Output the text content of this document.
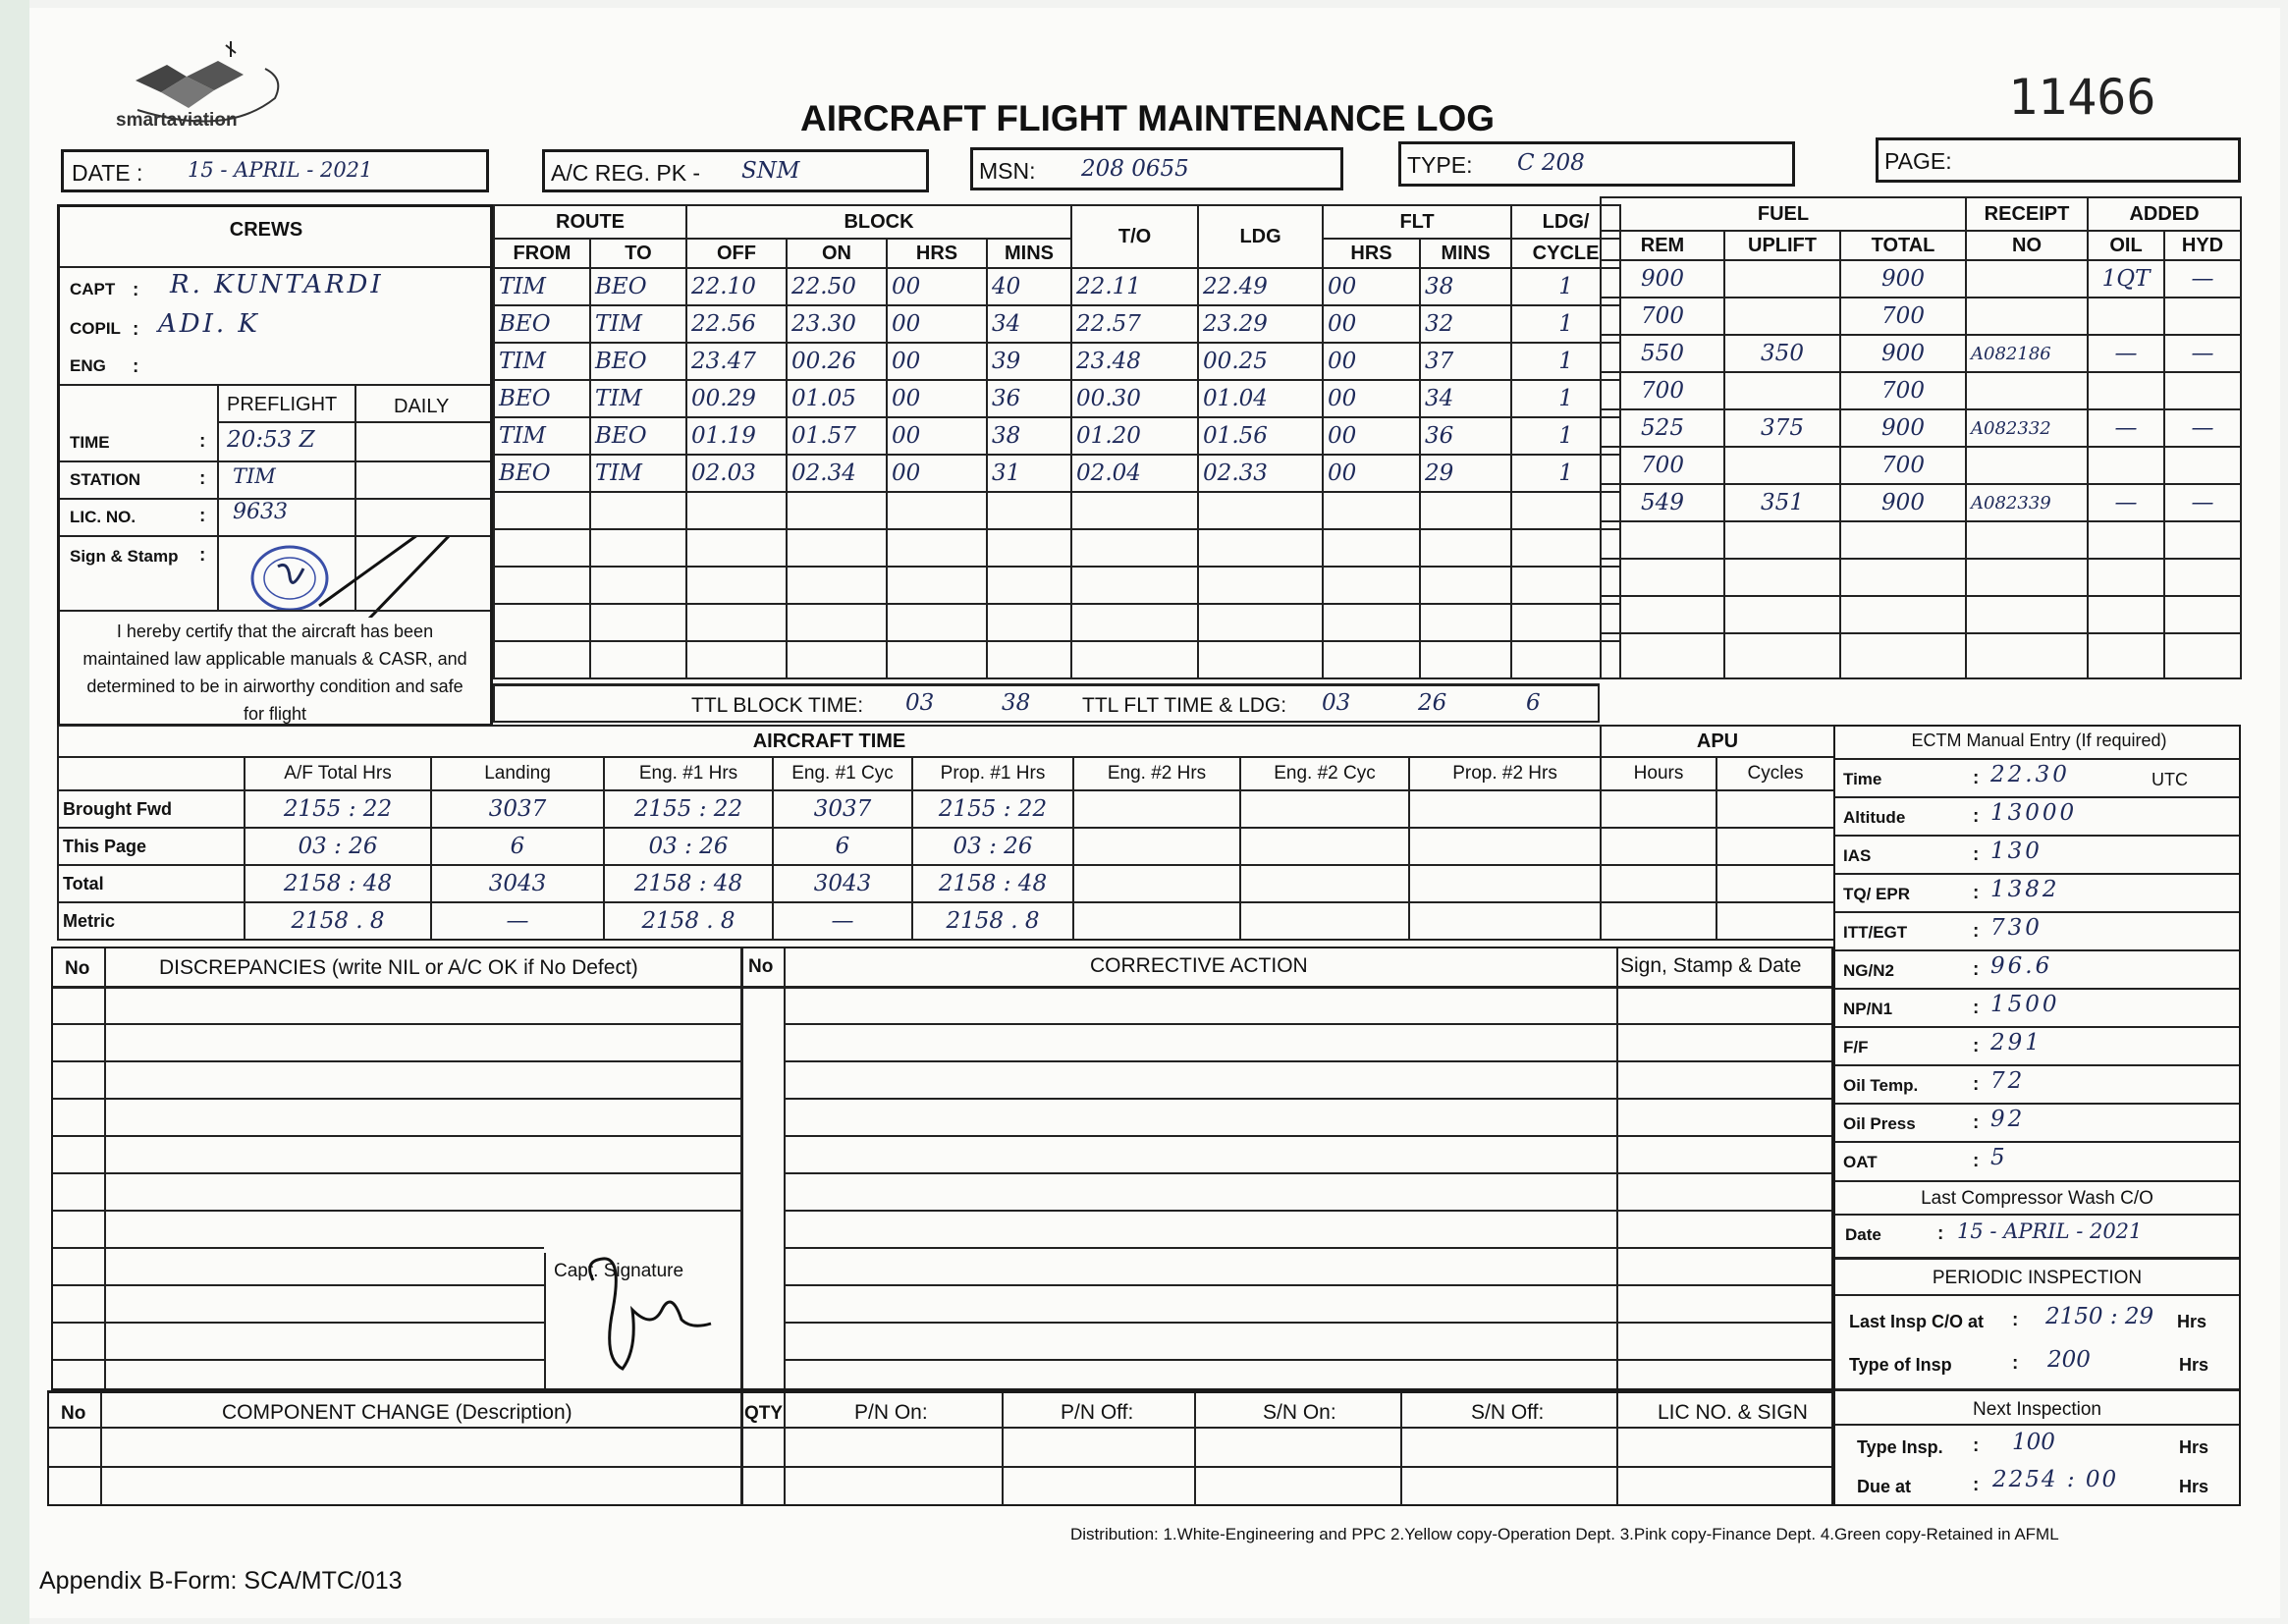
smartaviation	AIRCRAFT FLIGHT MAINTENANCE LOG	11466
DATE : 15 - APRIL - 2021	A/C REG. PK - SNM	MSN: 208 0655	TYPE: C 208	PAGE:
CREWS
CAPT : R. KUNTARDI
COPIL : ADI. K
ENG :
PREFLIGHT	DAILY
TIME	: 20:53 Z
STATION	: TIM
LIC. NO.	: 9633
Sign & Stamp :
I hereby certify that the aircraft has been
maintained law applicable manuals & CASR, and
determined to be in airworthy condition and safe
for flight
ROUTE		BLOCK				T/O	LDG	FLT		LDG/
FROM	TO	OFF	ON	HRS	MINS			HRS	MINS	CYCLE
TIM	BEO	22.10	22.50	00	40	22.11	22.49	00	38	1
BEO	TIM	22.56	23.30	00	34	22.57	23.29	00	32	1
TIM	BEO	23.47	00.26	00	39	23.48	00.25	00	37	1
BEO	TIM	00.29	01.05	00	36	00.30	01.04	00	34	1
TIM	BEO	01.19	01.57	00	38	01.20	01.56	00	36	1
BEO	TIM	02.03	02.34	00	31	02.04	02.33	00	29	1

FUEL			RECEIPT	ADDED	
REM	UPLIFT	TOTAL	NO	OIL	HYD
900		900		1QT	—
700		700			
550	350	900	A082186	—	—
700		700			
525	375	900	A082332	—	—
700		700			
549	351	900	A082339	—	—

TTL BLOCK TIME: 03	38	TTL FLT TIME & LDG: 03	26	6
AIRCRAFT TIME								
	A/F Total Hrs	Landing	Eng. #1 Hrs	Eng. #1 Cyc	Prop. #1 Hrs	Eng. #2 Hrs	Eng. #2 Cyc	Prop. #2 Hrs
Brought Fwd	2155 : 22	3037	2155 : 22	3037	2155 : 22			
This Page	03 : 26	6	03 : 26	6	03 : 26			
Total	2158 : 48	3043	2158 : 48	3043	2158 : 48			
Metric	2158 . 8	—	2158 . 8	—	2158 . 8			
APU	
Hours	Cycles

ECTM Manual Entry (If required)
Time	: 22.30	UTC
Altitude	: 13000
IAS	: 130
TQ/ EPR	: 1382
ITT/EGT	: 730
NG/N2	: 96.6
NP/N1	: 1500
F/F	: 291
Oil Temp.	: 72
Oil Press	: 92
OAT	: 5
Last Compressor Wash C/O
Date	: 15 - APRIL - 2021
PERIODIC INSPECTION
Last Insp C/O at : 2150 : 29 Hrs
Type of Insp	: 200	Hrs
Next Inspection
Type Insp. : 100	Hrs
Due at	: 2254 : 00	Hrs
No	DISCREPANCIES (write NIL or A/C OK if No Defect)	No	CORRECTIVE ACTION	Sign, Stamp & Date
Capt. Signature
No	COMPONENT CHANGE (Description)	QTY	P/N On:	P/N Off:	S/N On:	S/N Off:	LIC NO. & SIGN
Distribution: 1.White-Engineering and PPC 2.Yellow copy-Operation Dept. 3.Pink copy-Finance Dept. 4.Green copy-Retained in AFML
Appendix B-Form: SCA/MTC/013
